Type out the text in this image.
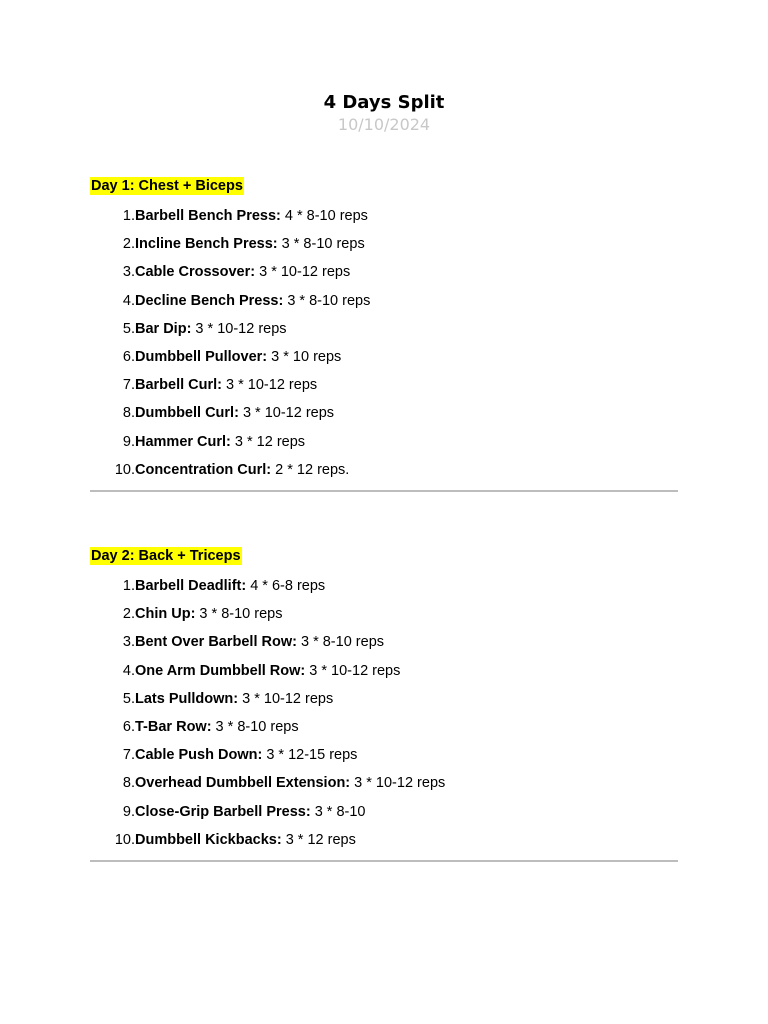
4 Days Split

10/10/2024

Day 1: Chest + Biceps
1. Barbell Bench Press: 4 * 8-10 reps
2. Incline Bench Press: 3 * 8-10 reps
3. Cable Crossover: 3 * 10-12 reps
4. Decline Bench Press: 3 * 8-10 reps
5. Bar Dip: 3 * 10-12 reps
6. Dumbbell Pullover: 3 * 10 reps
7. Barbell Curl: 3 * 10-12 reps
8. Dumbbell Curl: 3 * 10-12 reps
9. Hammer Curl: 3 * 12 reps
10. Concentration Curl: 2 * 12 reps.
Day 2: Back + Triceps
1. Barbell Deadlift: 4 * 6-8 reps
2. Chin Up: 3 * 8-10 reps
3. Bent Over Barbell Row: 3 * 8-10 reps
4. One Arm Dumbbell Row: 3 * 10-12 reps
5. Lats Pulldown: 3 * 10-12 reps
6. T-Bar Row: 3 * 8-10 reps
7. Cable Push Down: 3 * 12-15 reps
8. Overhead Dumbbell Extension: 3 * 10-12 reps
9. Close-Grip Barbell Press: 3 * 8-10
10. Dumbbell Kickbacks: 3 * 12 reps
